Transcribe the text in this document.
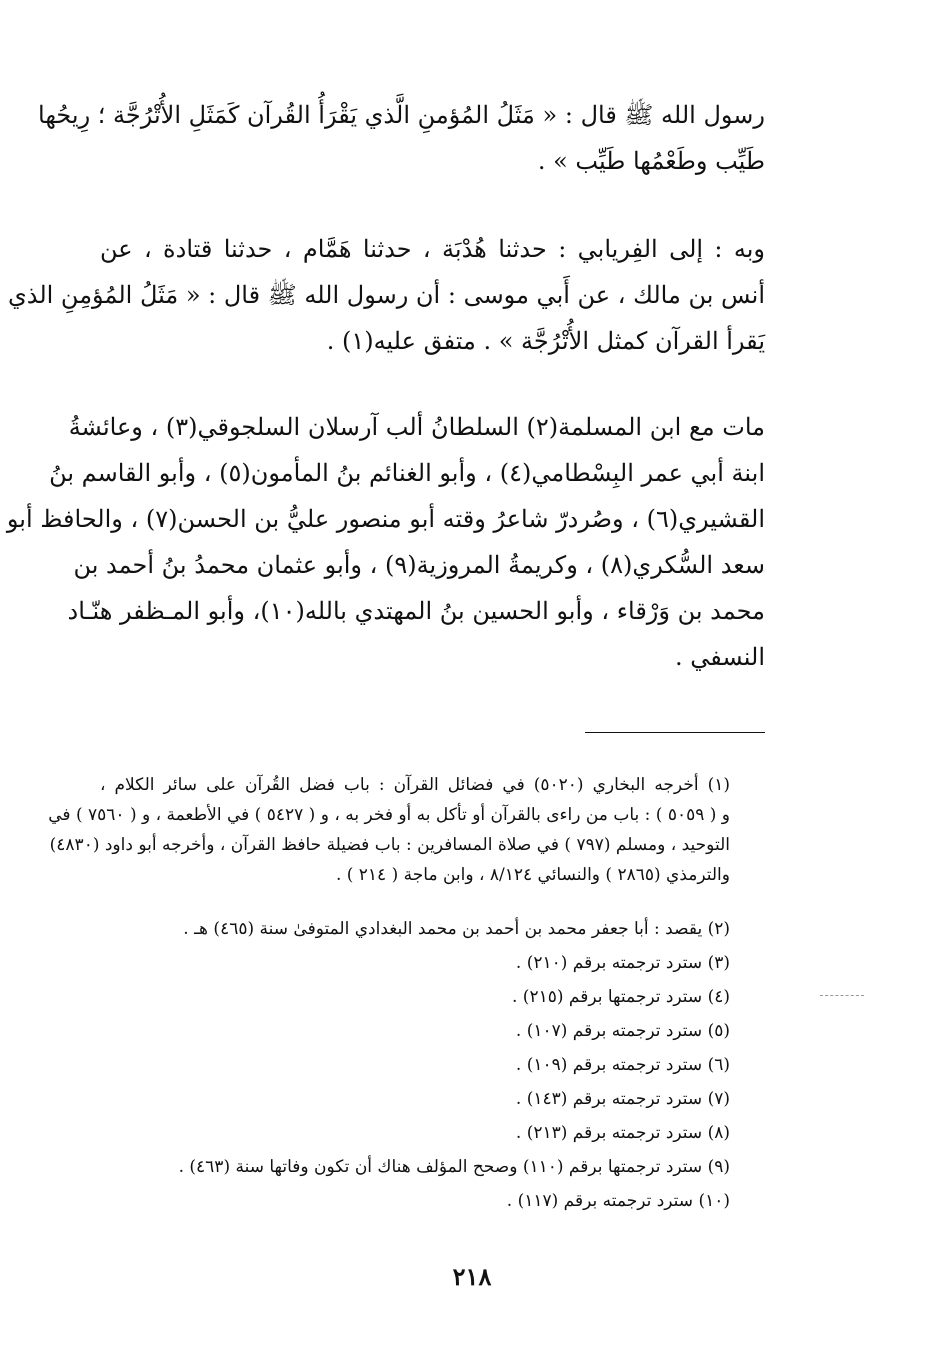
رسول الله ﷺ قال : « مَثَلُ المُؤمنِ الَّذي يَقْرَأُ القُرآن كَمَثَلِ الأُتْرُجَّة ؛ رِيحُها
طَيِّب وطَعْمُها طَيِّب » .
وبه : إلى الفِريابي : حدثنا هُدْبَة ، حدثنا هَمَّام ، حدثنا قتادة ، عن
أنس بن مالك ، عن أَبي موسى : أن رسول الله ﷺ قال : « مَثَلُ المُؤمِنِ الذي
يَقرأ القرآن كمثل الأُتْرُجَّة » . متفق عليه(١) .
مات مع ابن المسلمة(٢) السلطانُ ألب آرسلان السلجوقي(٣) ، وعائشةُ
ابنة أبي عمر البِسْطامي(٤) ، وأبو الغنائم بنُ المأمون(٥) ، وأبو القاسم بنُ
القشيري(٦) ، وصُردرّ شاعرُ وقته أبو منصور عليُّ بن الحسن(٧) ، والحافظ أبو
سعد السُّكري(٨) ، وكريمةُ المروزية(٩) ، وأبو عثمان محمدُ بنُ أحمد بن
محمد بن وَرْقاء ، وأبو الحسين بنُ المهتدي بالله(١٠)، وأبو المـظفر هنّـاد
النسفي .
(١) أخرجه البخاري (٥٠٢٠) في فضائل القرآن : باب فضل القُرآن على سائر الكلام ،
و ( ٥٠٥٩ ) : باب من راءى بالقرآن أو تأكل به أو فخر به ، و ( ٥٤٢٧ ) في الأطعمة ، و ( ٧٥٦٠ ) في
التوحيد ، ومسلم (٧٩٧ ) في صلاة المسافرين : باب فضيلة حافظ القرآن ، وأخرجه أبو داود (٤٨٣٠)
والترمذي (٢٨٦٥ ) والنسائي ٨/١٢٤ ، وابن ماجة ( ٢١٤ ) .
(٢) يقصد : أبا جعفر محمد بن أحمد بن محمد البغدادي المتوفىٰ سنة (٤٦٥) هـ .
(٣) سترد ترجمته برقم (٢١٠) .
(٤) سترد ترجمتها برقم (٢١٥) .
(٥) سترد ترجمته برقم (١٠٧) .
(٦) سترد ترجمته برقم (١٠٩) .
(٧) سترد ترجمته برقم (١٤٣) .
(٨) سترد ترجمته برقم (٢١٣) .
(٩) سترد ترجمتها برقم (١١٠) وصحح المؤلف هناك أن تكون وفاتها سنة (٤٦٣) .
(١٠) سترد ترجمته برقم (١١٧) .
٢١٨
